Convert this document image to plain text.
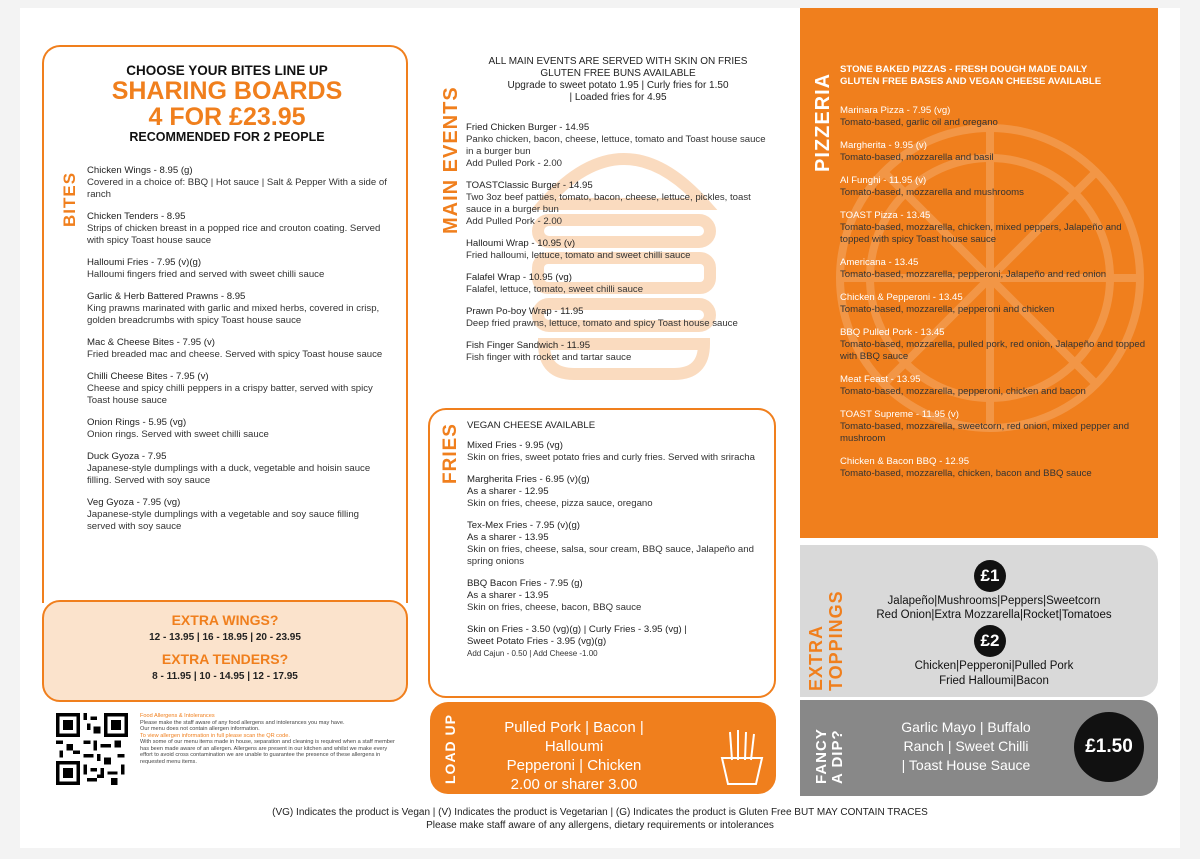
CHOOSE YOUR BITES LINE UP
SHARING BOARDS
4 FOR £23.95
RECOMMENDED FOR 2 PEOPLE
BITES
Chicken Wings - 8.95 (g)
Covered in a choice of: BBQ | Hot sauce | Salt & Pepper With a side of ranch
Chicken Tenders - 8.95
Strips of chicken breast in a popped rice and crouton coating. Served with spicy Toast house sauce
Halloumi Fries - 7.95 (v)(g)
Halloumi fingers fried and served with sweet chilli sauce
Garlic & Herb Battered Prawns - 8.95
King prawns marinated with garlic and mixed herbs, covered in crisp, golden breadcrumbs with spicy Toast house sauce
Mac & Cheese Bites - 7.95 (v)
Fried breaded mac and cheese. Served with spicy Toast house sauce
Chilli Cheese Bites - 7.95 (v)
Cheese and spicy chilli peppers in a crispy batter, served with spicy Toast house sauce
Onion Rings - 5.95 (vg)
Onion rings. Served with sweet chilli sauce
Duck Gyoza - 7.95
Japanese-style dumplings with a duck, vegetable and hoisin sauce filling. Served with soy sauce
Veg Gyoza - 7.95 (vg)
Japanese-style dumplings with a vegetable and soy sauce filling served with soy sauce
EXTRA WINGS?
12 - 13.95 | 16 - 18.95 | 20 - 23.95
EXTRA TENDERS?
8 - 11.95 | 10 - 14.95 | 12 - 17.95
Food Allergens & Intolerances
Please make the staff aware of any food allergens and intolerances you may have.
Our menu does not contain allergen information.
To view allergen information in full please scan the QR code.
With some of our menu items made in house, separation and cleaning is required when a staff member has been made aware of an allergen. Allergens are present in our kitchen and whilst we make every effort to avoid cross contamination we are unable to guarantee the presence of these allergens in requested menu items.
ALL MAIN EVENTS ARE SERVED WITH SKIN ON FRIES
GLUTEN FREE BUNS AVAILABLE
Upgrade to sweet potato 1.95 | Curly fries for 1.50
| Loaded fries for 4.95
Fried Chicken Burger - 14.95
Panko chicken, bacon, cheese, lettuce, tomato and Toast house sauce in a burger bun
Add Pulled Pork - 2.00
TOASTClassic Burger - 14.95
Two 3oz beef patties, tomato, bacon, cheese, lettuce, pickles, toast sauce in a burger bun
Add Pulled Pork - 2.00
Halloumi Wrap - 10.95 (v)
Fried halloumi, lettuce, tomato and sweet chilli sauce
Falafel Wrap - 10.95 (vg)
Falafel, lettuce, tomato, sweet chilli sauce
Prawn Po-boy Wrap - 11.95
Deep fried prawns, lettuce, tomato and spicy Toast house sauce
Fish Finger Sandwich - 11.95
Fish finger with rocket and tartar sauce
MAIN EVENTS
VEGAN CHEESE AVAILABLE
Mixed Fries - 9.95 (vg)
Skin on fries, sweet potato fries and curly fries. Served with sriracha
Margherita Fries - 6.95 (v)(g)
As a sharer - 12.95
Skin on fries, cheese, pizza sauce, oregano
Tex-Mex Fries - 7.95 (v)(g)
As a sharer - 13.95
Skin on fries, cheese, salsa, sour cream, BBQ sauce, Jalapeño and spring onions
BBQ Bacon Fries - 7.95 (g)
As a sharer - 13.95
Skin on fries, cheese, bacon, BBQ sauce
Skin on Fries - 3.50 (vg)(g) | Curly Fries - 3.95 (vg) |
Sweet Potato Fries - 3.95 (vg)(g)
Add Cajun - 0.50 | Add Cheese -1.00
FRIES
LOAD UP	Pulled Pork | Bacon | Halloumi
Pepperoni | Chicken
2.00 or sharer 3.00
PIZZERIA
STONE BAKED PIZZAS - FRESH DOUGH MADE DAILY
GLUTEN FREE BASES AND VEGAN CHEESE AVAILABLE
Marinara Pizza - 7.95 (vg)
Tomato-based, garlic oil and oregano
Margherita - 9.95 (v)
Tomato-based, mozzarella and basil
Al Funghi - 11.95 (v)
Tomato-based, mozzarella and mushrooms
TOAST Pizza - 13.45
Tomato-based, mozzarella, chicken, mixed peppers, Jalapeño and topped with spicy Toast house sauce
Americana - 13.45
Tomato-based, mozzarella, pepperoni, Jalapeño and red onion
Chicken & Pepperoni - 13.45
Tomato-based, mozzarella, pepperoni and chicken
BBQ Pulled Pork - 13.45
Tomato-based, mozzarella, pulled pork, red onion, Jalapeño and topped with BBQ sauce
Meat Feast - 13.95
Tomato-based, mozzarella, pepperoni, chicken and bacon
TOAST Supreme - 11.95 (v)
Tomato-based, mozzarella, sweetcorn, red onion, mixed pepper and mushroom
Chicken & Bacon BBQ - 12.95
Tomato-based, mozzarella, chicken, bacon and BBQ sauce
EXTRA TOPPINGS
£1
Jalapeño|Mushrooms|Peppers|Sweetcorn
Red Onion|Extra Mozzarella|Rocket|Tomatoes
£2
Chicken|Pepperoni|Pulled Pork
Fried Halloumi|Bacon
FANCY A DIP?
Garlic Mayo | Buffalo
Ranch | Sweet Chilli
| Toast House Sauce
£1.50
(VG) Indicates the product is Vegan | (V) Indicates the product is Vegetarian | (G) Indicates the product is Gluten Free BUT MAY CONTAIN TRACES
Please make staff aware of any allergens, dietary requirements or intolerances
